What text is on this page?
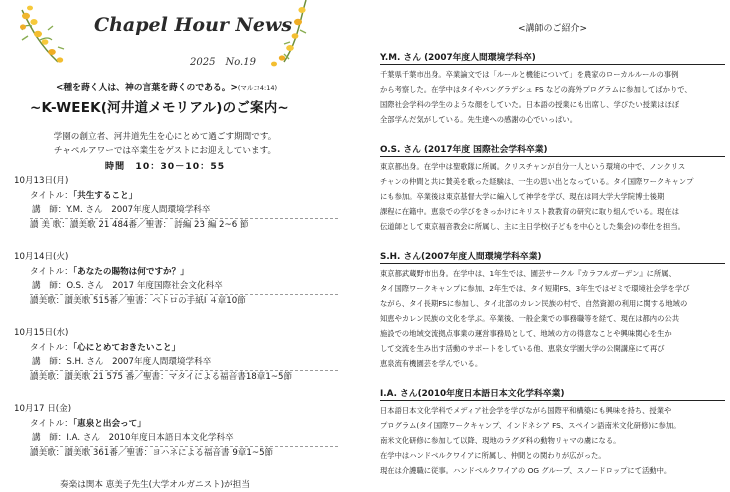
Chapel Hour News
2025　No.19
<種を蒔く人は、神の言葉を蒔くのである。>(マルコ4:14)
~K-WEEK(河井道メモリアル)のご案内~
学園の創立者、河井道先生を心にとめて過ごす期間です。
チャペルアワーでは卒業生をゲストにお迎えしています。
時間　10：30－10：55
10月13日(月)
タイトル：「共生すること」
講　師：Y.M. さん　2007年度人間環境学科卒
讃 美 歌：讃美歌 21 484番／聖書： 詩編 23 編 2~6 節
10月14日(火)
タイトル：「あなたの賜物は何ですか？」
講　師：O.S. さん　2017 年度国際社会文化科卒
讃美歌：讃美歌 515番／聖書：ペトロの手紙Ⅰ ４章10節
10月15日(水)
タイトル：「心にとめておきたいこと」
講　師：S.H. さん　2007年度人間環境学科卒
讃美歌：讃美歌 21 575 番／聖書：マタイによる福音書18章1~5節
10月17 日(金)
タイトル：「恵泉と出会って」
講　師：I.A. さん　2010年度日本語日本文化学科卒
讃美歌：讃美歌 361番／聖書：ヨハネによる福音書 9章1~5節
奏楽は関本 恵美子先生(大学オルガニスト)が担当
<講師のご紹介>
Y.M. さん (2007年度人間環境学科卒)
千葉県千葉市出身。卒業論文では「ルールと機能について」を農家のローカルルールの事例
から考察した。在学中はタイやバングラデシュ FS などの海外プログラムに参加してばかりで、
国際社会学科の学生のような顔をしていた。日本語の授業にも出席し、学びたい授業はほぼ
全部学んだ気がしている。先生達への感謝の心でいっぱい。
O.S. さん (2017年度 国際社会学科卒業)
東京都出身。在学中は聖歌隊に所属。クリスチャンが自分一人という環境の中で、ノンクリス
チャンの仲間と共に賛美を歌った経験は、一生の思い出となっている。タイ国際ワークキャンプ
にも参加。卒業後は東京基督大学に編入して神学を学び、現在は同大学大学院博士後期
課程に在籍中。恵泉での学びをきっかけにキリスト教教育の研究に取り組んでいる。現在は
伝道師として東京福音教会に所属し、主に主日学校(子どもを中心とした集会)の奉仕を担当。
S.H. さん(2007年度人間環境学科卒業)
東京都武蔵野市出身。在学中は、1年生では、園芸サークル『カラフルガーデン』に所属、
タイ国際ワークキャンプに参加、2年生では、タイ短期FS、3年生ではゼミで環境社会学を学び
ながら、タイ長期FSに参加し、タイ北部のカレン民族の村で、自然資源の利用に関する地域の
知恵やカレン民族の文化を学ぶ。卒業後、一般企業での事務職等を経て、現在は都内の公共
施設での地域交流拠点事業の運営事務局として、地域の方の得意なことや興味関心を生か
して交流を生み出す活動のサポートをしている他、恵泉女学園大学の公開講座にて再び
恵泉流有機園芸を学んでいる。
I.A. さん(2010年度日本語日本文化学科卒業)
日本語日本文化学科でメディア社会学を学びながら国際平和構築にも興味を持ち、授業や
プログラム(タイ国際ワークキャンプ、インドネシア FS、スペイン語南米文化研修)に参加。
南米文化研修に参加して以降、現地のラグダ科の動物リャマの虜になる。
在学中はハンドベルクワイアに所属し、仲間との関わりが広がった。
現在は介護職に従事。ハンドベルクワイアの OG グループ、スノードロップにて活動中。
